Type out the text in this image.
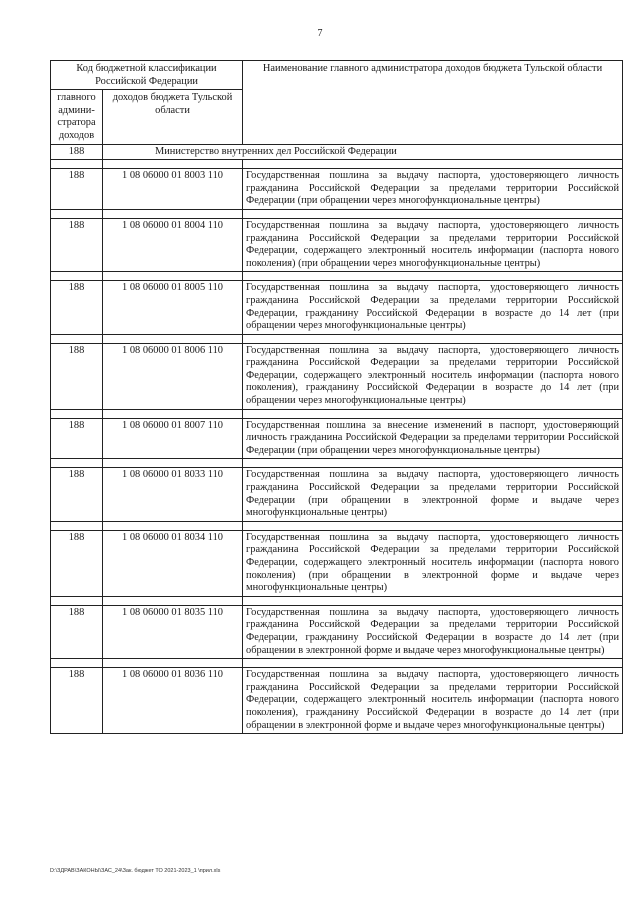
7
Код бюджетной классификации Российской Федерации		Наименование главного администратора доходов бюджета Тульской области
главного админи-стратора доходов	доходов бюджета Тульской области	
188	Министерство внутренних дел Российской Федерации	

188	1 08 06000 01 8003 110	Государственная пошлина за выдачу паспорта, удостоверяющего личность гражданина Российской Федерации за пределами территории Российской Федерации (при обращении через многофункциональные центры)

188	1 08 06000 01 8004 110	Государственная пошлина за выдачу паспорта, удостоверяющего личность гражданина Российской Федерации за пределами территории Российской Федерации, содержащего электронный носитель информации (паспорта нового поколения) (при обращении через многофункциональные центры)

188	1 08 06000 01 8005 110	Государственная пошлина за выдачу паспорта, удостоверяющего личность гражданина Российской Федерации за пределами территории Российской Федерации, гражданину Российской Федерации в возрасте до 14 лет (при обращении через многофункциональные центры)

188	1 08 06000 01 8006 110	Государственная пошлина за выдачу паспорта, удостоверяющего личность гражданина Российской Федерации за пределами территории Российской Федерации, содержащего электронный носитель информации (паспорта нового поколения), гражданину Российской Федерации в возрасте до 14 лет (при обращении через многофункциональные центры)

188	1 08 06000 01 8007 110	Государственная пошлина за внесение изменений в паспорт, удостоверяющий личность гражданина Российской Федерации за пределами территории Российской Федерации (при обращении через многофункциональные центры)

188	1 08 06000 01 8033 110	Государственная пошлина за выдачу паспорта, удостоверяющего личность гражданина Российской Федерации за пределами территории Российской Федерации (при обращении в электронной форме и выдаче через многофункциональные центры)

188	1 08 06000 01 8034 110	Государственная пошлина за выдачу паспорта, удостоверяющего личность гражданина Российской Федерации за пределами территории Российской Федерации, содержащего электронный носитель информации (паспорта нового поколения) (при обращении в электронной форме и выдаче через многофункциональные центры)

188	1 08 06000 01 8035 110	Государственная пошлина за выдачу паспорта, удостоверяющего личность гражданина Российской Федерации за пределами территории Российской Федерации, гражданину Российской Федерации в возрасте до 14 лет (при обращении в электронной форме и выдаче через многофункциональные центры)

188	1 08 06000 01 8036 110	Государственная пошлина за выдачу паспорта, удостоверяющего личность гражданина Российской Федерации за пределами территории Российской Федерации, содержащего электронный носитель информации (паспорта нового поколения), гражданину Российской Федерации в возрасте до 14 лет (при обращении в электронной форме и выдаче через многофункциональные центры)
D:\ЗДРАВ\ЗАКОНЫ\ЗАС_24\Зак. бюджет ТО 2021-2023_1 \прил.xls
